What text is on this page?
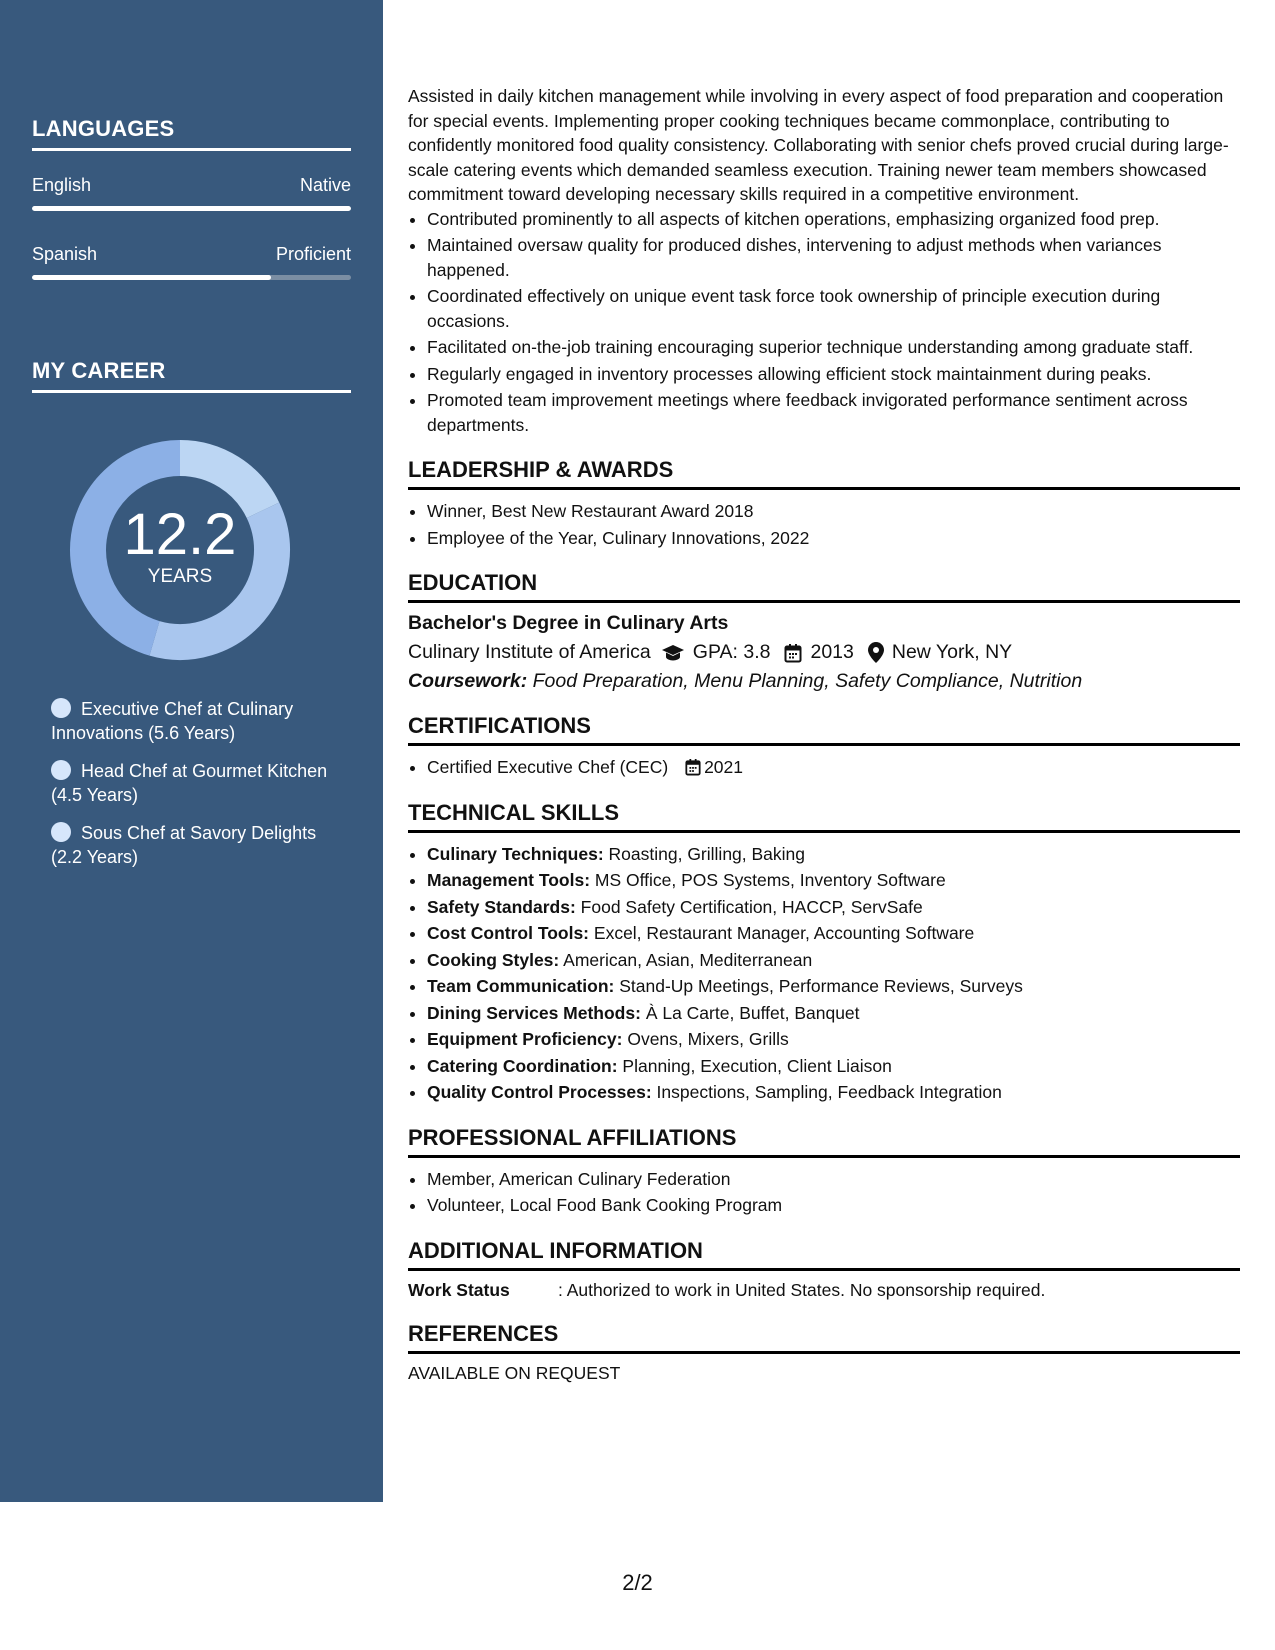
LANGUAGES
English	Native
Spanish	Proficient
MY CAREER
12.2
YEARS
Executive Chef at Culinary Innovations (5.6 Years)
Head Chef at Gourmet Kitchen (4.5 Years)
Sous Chef at Savory Delights (2.2 Years)

Assisted in daily kitchen management while involving in every aspect of food preparation and cooperation for special events. Implementing proper cooking techniques became commonplace, contributing to confidently monitored food quality consistency. Collaborating with senior chefs proved crucial during large-scale catering events which demanded seamless execution. Training newer team members showcased commitment toward developing necessary skills required in a competitive environment.

• Contributed prominently to all aspects of kitchen operations, emphasizing organized food prep.
• Maintained oversaw quality for produced dishes, intervening to adjust methods when variances happened.
• Coordinated effectively on unique event task force took ownership of principle execution during occasions.
• Facilitated on-the-job training encouraging superior technique understanding among graduate staff.
• Regularly engaged in inventory processes allowing efficient stock maintainment during peaks.
• Promoted team improvement meetings where feedback invigorated performance sentiment across departments.
LEADERSHIP & AWARDS
• Winner, Best New Restaurant Award 2018
• Employee of the Year, Culinary Innovations, 2022
EDUCATION
Bachelor's Degree in Culinary Arts
Culinary Institute of America GPA: 3.8 2013 New York, NY
Coursework: Food Preparation, Menu Planning, Safety Compliance, Nutrition
CERTIFICATIONS
• Certified Executive Chef (CEC) 2021
TECHNICAL SKILLS
• Culinary Techniques: Roasting, Grilling, Baking
• Management Tools: MS Office, POS Systems, Inventory Software
• Safety Standards: Food Safety Certification, HACCP, ServSafe
• Cost Control Tools: Excel, Restaurant Manager, Accounting Software
• Cooking Styles: American, Asian, Mediterranean
• Team Communication: Stand-Up Meetings, Performance Reviews, Surveys
• Dining Services Methods: À La Carte, Buffet, Banquet
• Equipment Proficiency: Ovens, Mixers, Grills
• Catering Coordination: Planning, Execution, Client Liaison
• Quality Control Processes: Inspections, Sampling, Feedback Integration
PROFESSIONAL AFFILIATIONS
• Member, American Culinary Federation
• Volunteer, Local Food Bank Cooking Program
ADDITIONAL INFORMATION
Work Status	: Authorized to work in United States. No sponsorship required.
REFERENCES
AVAILABLE ON REQUEST
2/2
